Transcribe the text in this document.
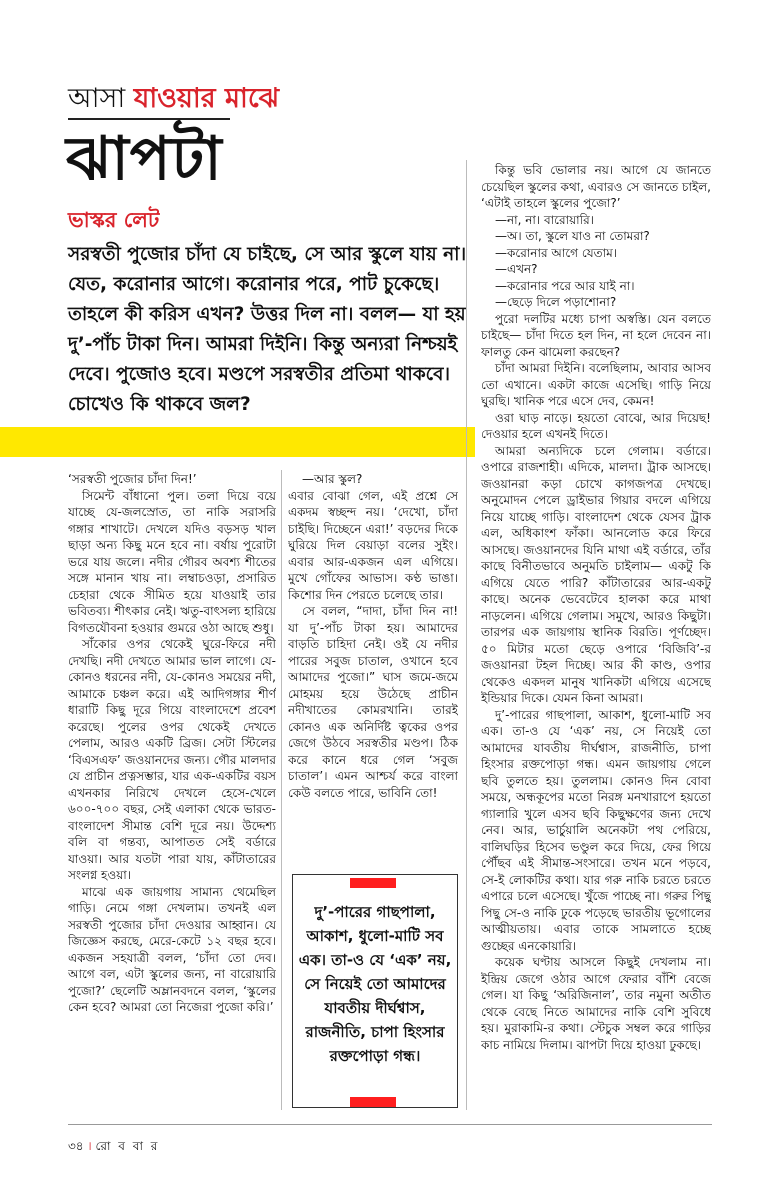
আসা যাওয়ার মাঝে
ঝাপটা
ভাস্কর লেট
সরস্বতী পুজোর চাঁদা যে চাইছে, সে আর স্কুলে যায় না। যেত, করোনার আগে। করোনার পরে, পাট চুকেছে। তাহলে কী করিস এখন? উত্তর দিল না। বলল— যা হয় দু’-পাঁচ টাকা দিন। আমরা দিইনি। কিন্তু অন্যরা নিশ্চয়ই দেবে। পুজোও হবে। মণ্ডপে সরস্বতীর প্রতিমা থাকবে। চোখেও কি থাকবে জল?

‘সরস্বতী পুজোর চাঁদা দিন!’

সিমেন্ট বাঁধানো পুল। তলা দিয়ে বয়ে যাচ্ছে যে-জলস্রোত, তা নাকি সরাসরি গঙ্গার শাখাটে। দেখলে যদিও বড়সড় খাল ছাড়া অন্য কিছু মনে হবে না। বর্ষায় পুরোটা ভরে যায় জলে। নদীর গৌরব অবশ্য শীতের সঙ্গে মানান খায় না। লম্বাচওড়া, প্রসারিত চেহারা থেকে সীমিত হয়ে যাওয়াই তার ভবিতব্য। শীৎকার নেই। ঋতু-বাৎসল্য হারিয়ে বিগতযৌবনা হওয়ার গুমরে ওঠা আছে শুধু।

সাঁকোর ওপর থেকেই ঘুরে-ফিরে নদী দেখছি। নদী দেখতে আমার ভাল লাগে। যে-কোনও ধরনের নদী, যে-কোনও সময়ের নদী, আমাকে চঞ্চল করে। এই আদিগঙ্গার শীর্ণ ধারাটি কিছু দূরে গিয়ে বাংলাদেশে প্রবেশ করেছে। পুলের ওপর থেকেই দেখতে পেলাম, আরও একটি ব্রিজ। সেটা স্টিলের ‘বিএসএফ’ জওয়ানদের জন্য। গৌর মালদার যে প্রাচীন প্রত্নসম্ভার, যার এক-একটির বয়স এখনকার নিরিখে দেখলে হেসে-খেলে ৬০০-৭০০ বছর, সেই এলাকা থেকে ভারত-বাংলাদেশ সীমান্ত বেশি দূরে নয়। উদ্দেশ্য বলি বা গন্তব্য, আপাতত সেই বর্ডারে যাওয়া। আর যতটা পারা যায়, কাঁটাতারের সংলগ্ন হওয়া।

মাঝে এক জায়গায় সামান্য থেমেছিল গাড়ি। নেমে গঙ্গা দেখলাম। তখনই এল সরস্বতী পুজোর চাঁদা দেওয়ার আহ্বান। যে জিজ্ঞেস করছে, মেরে-কেটে ১২ বছর হবে। একজন সহযাত্রী বলল, ‘চাঁদা তো দেব। আগে বল, এটা স্কুলের জন্য, না বারোয়ারি পুজো?’ ছেলেটি অম্লানবদনে বলল, ‘স্কুলের কেন হবে? আমরা তো নিজেরা পুজো করি।’

—আর স্কুল?

এবার বোঝা গেল, এই প্রশ্নে সে একদম স্বচ্ছন্দ নয়। ‘দেখো, চাঁদা চাইছি। দিচ্ছেনে এরা!’ বড়দের দিকে ঘুরিয়ে দিল বেয়াড়া বলের সুইং। এবার আর-একজন এল এগিয়ে। মুখে গোঁফের আভাস। কণ্ঠ ভাঙা। কিশোর দিন পেরতে চলেছে তার।

সে বলল, “দাদা, চাঁদা দিন না! যা দু’-পাঁচ টাকা হয়। আমাদের বাড়তি চাহিদা নেই। ওই যে নদীর পারের সবুজ চাতাল, ওখানে হবে আমাদের পুজো।” ঘাস জমে-জমে মোহময় হয়ে উঠেছে প্রাচীন নদীখাতের কোমরখানি। তারই কোনও এক অনির্দিষ্ট ত্বকের ওপর জেগে উঠবে সরস্বতীর মণ্ডপ। ঠিক করে কানে ধরে গেল ‘সবুজ চাতাল’। এমন আশ্চর্য করে বাংলা কেউ বলতে পারে, ভাবিনি তো!

দু’-পারের গাছপালা, আকাশ, ধুলো-মাটি সব এক। তা-ও যে ‘এক’ নয়, সে নিয়েই তো আমাদের যাবতীয় দীর্ঘশ্বাস, রাজনীতি, চাপা হিংসার রক্তপোড়া গন্ধ।

কিন্তু ভবি ভোলার নয়। আগে যে জানতে চেয়েছিল স্কুলের কথা, এবারও সে জানতে চাইল, ‘এটাই তাহলে স্কুলের পুজো?’

—না, না। বারোয়ারি।

—অ। তা, স্কুলে যাও না তোমরা?

—করোনার আগে যেতাম।

—এখন?

—করোনার পরে আর যাই না।

—ছেড়ে দিলে পড়াশোনা?

পুরো দলটির মধ্যে চাপা অস্বস্তি। যেন বলতে চাইছে— চাঁদা দিতে হল দিন, না হলে দেবেন না। ফালতু কেন ঝামেলা করছেন?

চাঁদা আমরা দিইনি। বলেছিলাম, আবার আসব তো এখানে। একটা কাজে এসেছি। গাড়ি নিয়ে ঘুরছি। খানিক পরে এসে দেব, কেমন!

ওরা ঘাড় নাড়ে। হয়তো বোঝে, আর দিয়েছ! দেওয়ার হলে এখনই দিতে।

আমরা অন্যদিকে চলে গেলাম। বর্ডারে। ওপারে রাজশাহী। এদিকে, মালদা। ট্রাক আসছে। জওয়ানরা কড়া চোখে কাগজপত্র দেখছে। অনুমোদন পেলে ড্রাইভার গিয়ার বদলে এগিয়ে নিয়ে যাচ্ছে গাড়ি। বাংলাদেশ থেকে যেসব ট্রাক এল, অধিকাংশ ফাঁকা। আনলোড করে ফিরে আসছে। জওয়ানদের যিনি মাথা এই বর্ডারে, তাঁর কাছে বিনীতভাবে অনুমতি চাইলাম— একটু কি এগিয়ে যেতে পারি? কাঁটাতারের আর-একটু কাছে। অনেক ভেবেটেবে হালকা করে মাথা নাড়লেন। এগিয়ে গেলাম। সমুখে, আরও কিছুটা। তারপর এক জায়গায় স্থানিক বিরতি। পূর্ণচ্ছেদ। ৫০ মিটার মতো ছেড়ে ওপারে ‘বিজিবি’-র জওয়ানরা টহল দিচ্ছে। আর কী কাণ্ড, ওপার থেকেও একদল মানুষ খানিকটা এগিয়ে এসেছে ইন্ডিয়ার দিকে। যেমন কিনা আমরা।

দু’-পারের গাছপালা, আকাশ, ধুলো-মাটি সব এক। তা-ও যে ‘এক’ নয়, সে নিয়েই তো আমাদের যাবতীয় দীর্ঘশ্বাস, রাজনীতি, চাপা হিংসার রক্তপোড়া গন্ধ। এমন জায়গায় গেলে ছবি তুলতে হয়। তুললাম। কোনও দিন বোবা সময়ে, অন্ধকূপের মতো নিরঙ্গ মনখারাপে হয়তো গ্যালারি খুলে এসব ছবি কিছুক্ষণের জন্য দেখে নেব। আর, ভার্চুয়ালি অনেকটা পথ পেরিয়ে, বালিঘড়ির হিসেব ভণ্ডুল করে দিয়ে, ফের গিয়ে পৌঁছব এই সীমান্ত-সংসারে। তখন মনে পড়বে, সে-ই লোকটির কথা। যার গরু নাকি চরতে চরতে এপারে চলে এসেছে। খুঁজে পাচ্ছে না। গরুর পিছু পিছু সে-ও নাকি ঢুকে পড়েছে ভারতীয় ভূগোলের আত্মীয়তায়। এবার তাকে সামলাতে হচ্ছে গুচ্ছের এনকোয়ারি।

কয়েক ঘণ্টায় আসলে কিছুই দেখলাম না। ইন্দ্রিয় জেগে ওঠার আগে ফেরার বাঁশি বেজে গেল। যা কিছু ‘অরিজিনাল’, তার নমুনা অতীত থেকে বেছে নিতে আমাদের নাকি বেশি সুবিধে হয়। মুরাকামি-র কথা। স্টেচুক সম্বল করে গাড়ির কাচ নামিয়ে দিলাম। ঝাপটা দিয়ে হাওয়া ঢুকছে।

৩৪ । রো ব বা র
